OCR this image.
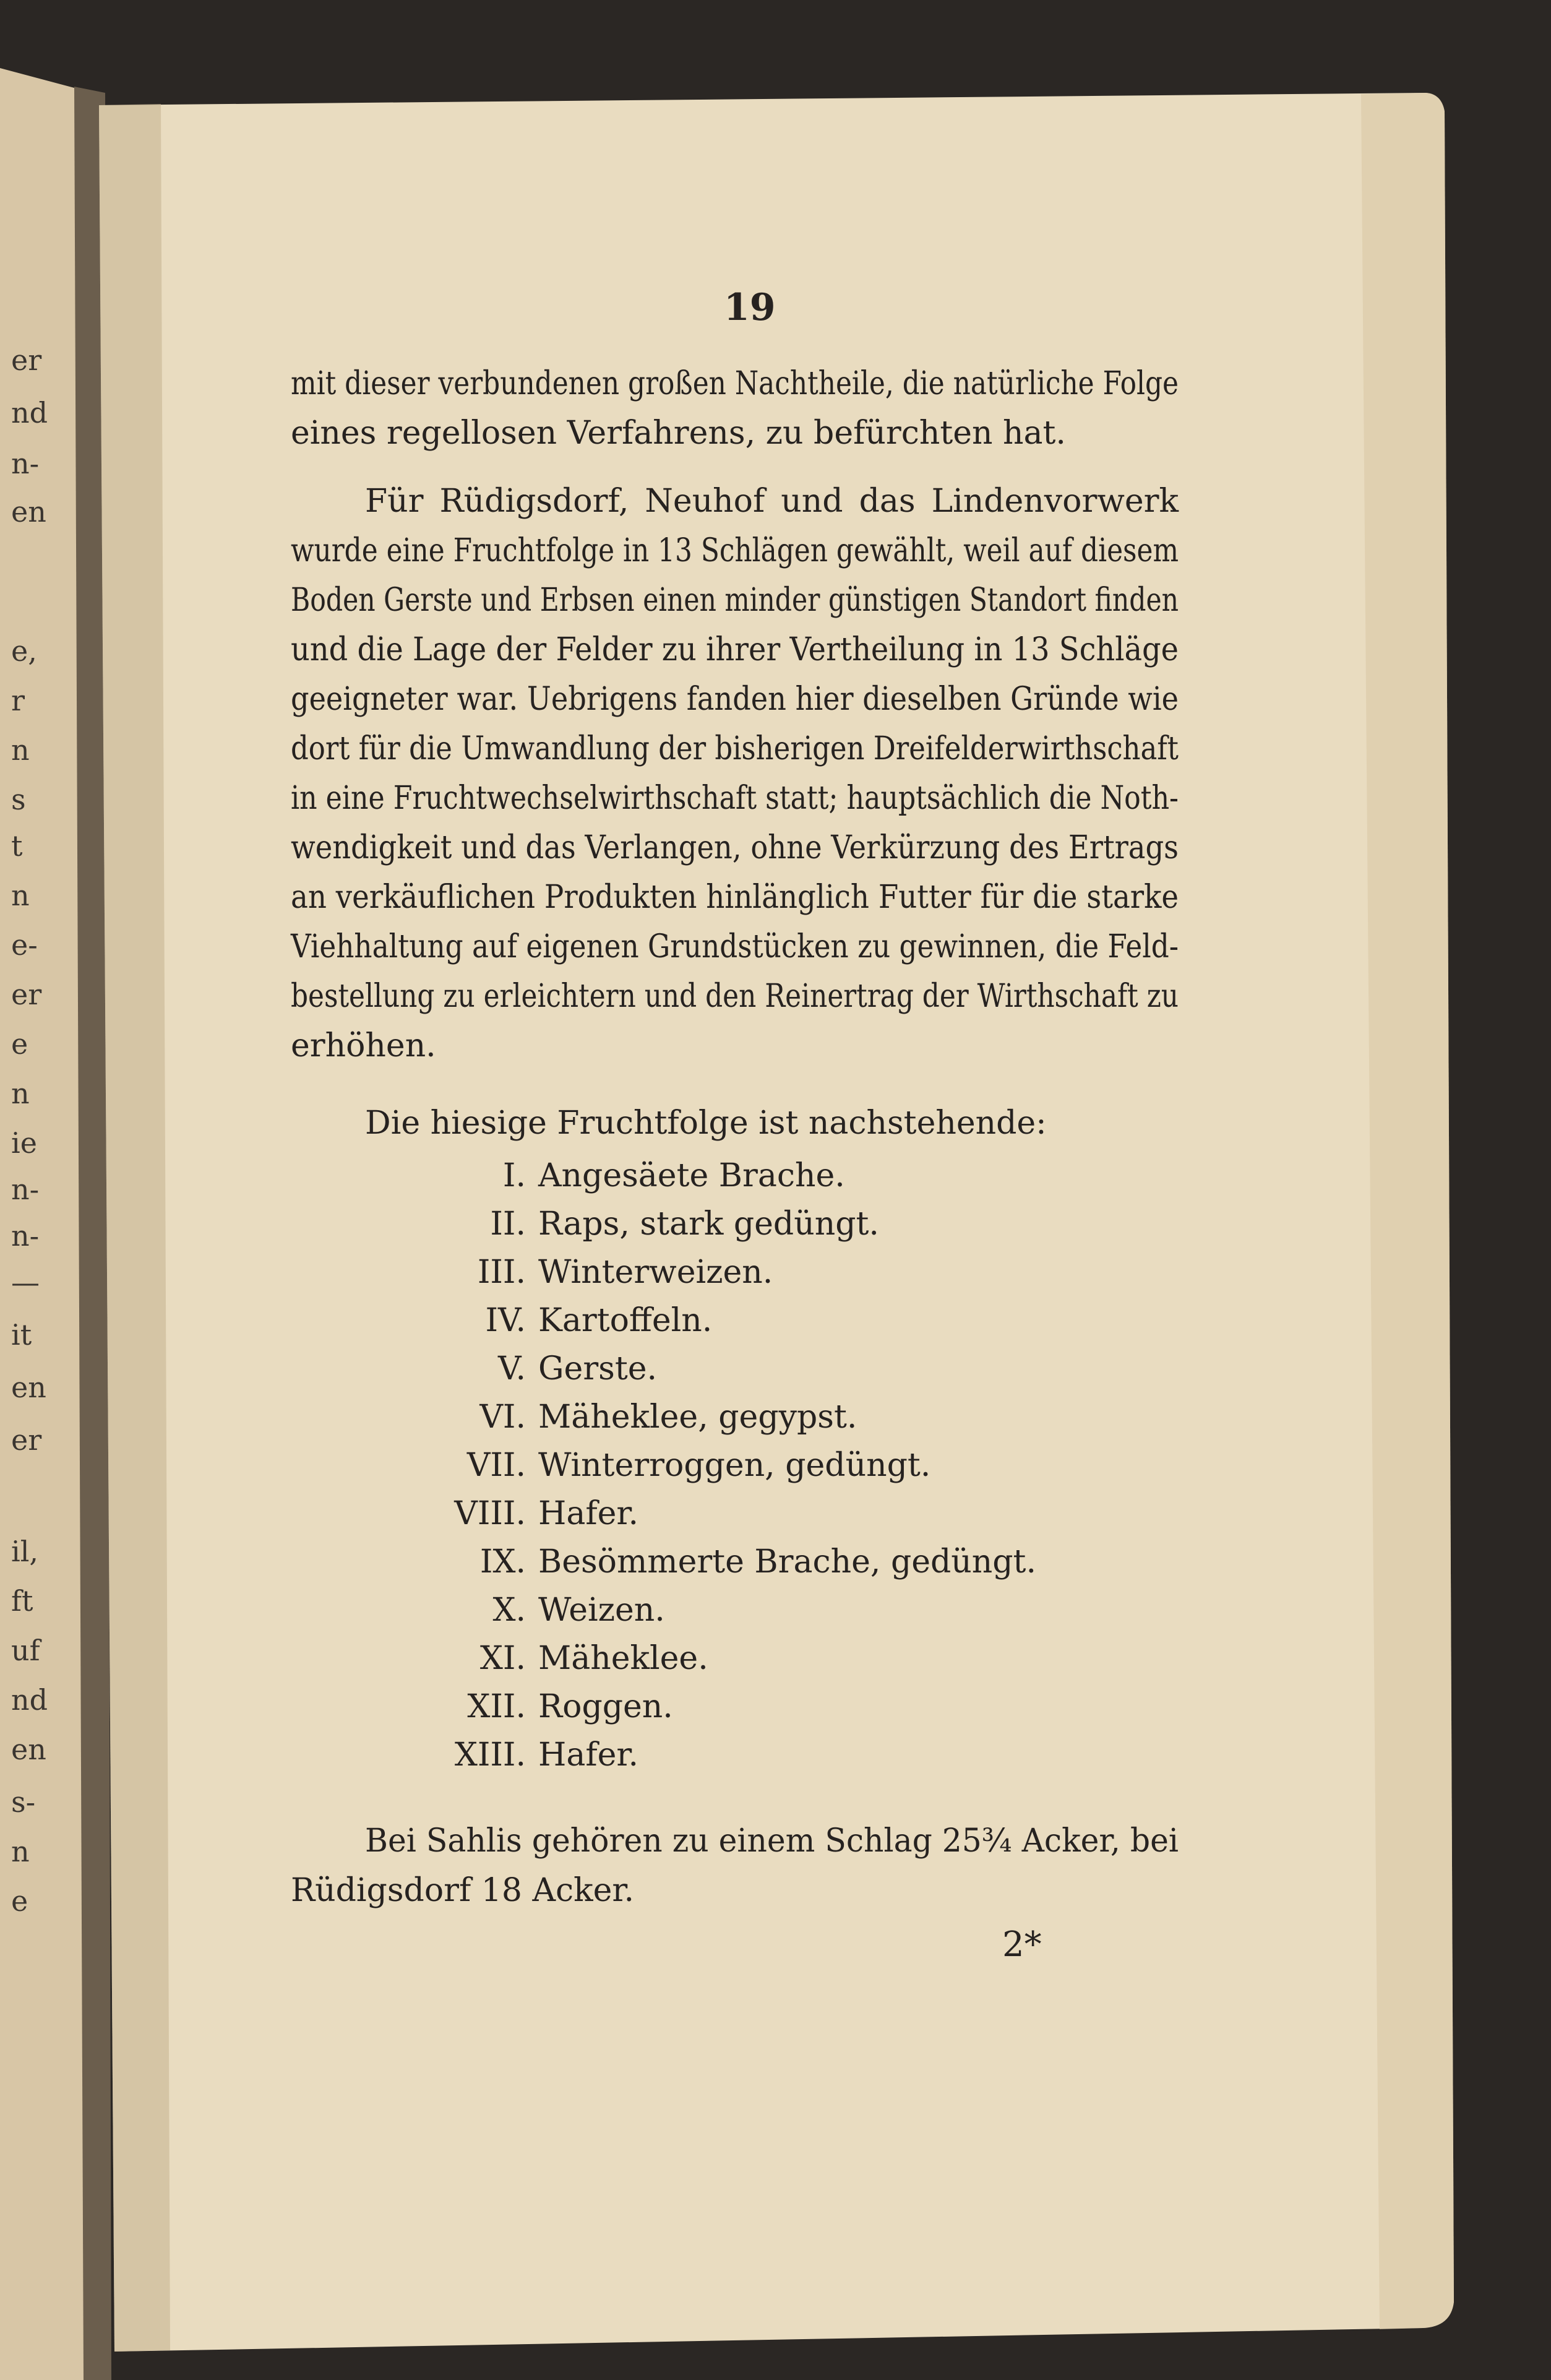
er
nd
n-
en
e,
r
n
s
t
n
e-
er
e
n
ie
n-
n-
—
it
en
er
il,
ft
uf
nd
en
s-
n
e
19
mit dieser verbundenen großen Nachtheile, die natürliche Folge
eines regellosen Verfahrens, zu befürchten hat.
Für Rüdigsdorf, Neuhof und das Lindenvorwerk
wurde eine Fruchtfolge in 13 Schlägen gewählt, weil auf diesem
Boden Gerste und Erbsen einen minder günstigen Standort finden
und die Lage der Felder zu ihrer Vertheilung in 13 Schläge
geeigneter war. Uebrigens fanden hier dieselben Gründe wie
dort für die Umwandlung der bisherigen Dreifelderwirthschaft
in eine Fruchtwechselwirthschaft statt; hauptsächlich die Noth-
wendigkeit und das Verlangen, ohne Verkürzung des Ertrags
an verkäuflichen Produkten hinlänglich Futter für die starke
Viehhaltung auf eigenen Grundstücken zu gewinnen, die Feld-
bestellung zu erleichtern und den Reinertrag der Wirthschaft zu
erhöhen.
Die hiesige Fruchtfolge ist nachstehende:
I. Angesäete Brache.
II. Raps, stark gedüngt.
III. Winterweizen.
IV. Kartoffeln.
V. Gerste.
VI. Mäheklee, gegypst.
VII. Winterroggen, gedüngt.
VIII. Hafer.
IX. Besömmerte Brache, gedüngt.
X. Weizen.
XI. Mäheklee.
XII. Roggen.
XIII. Hafer.
Bei Sahlis gehören zu einem Schlag 25¾ Acker, bei
Rüdigsdorf 18 Acker.
2*
